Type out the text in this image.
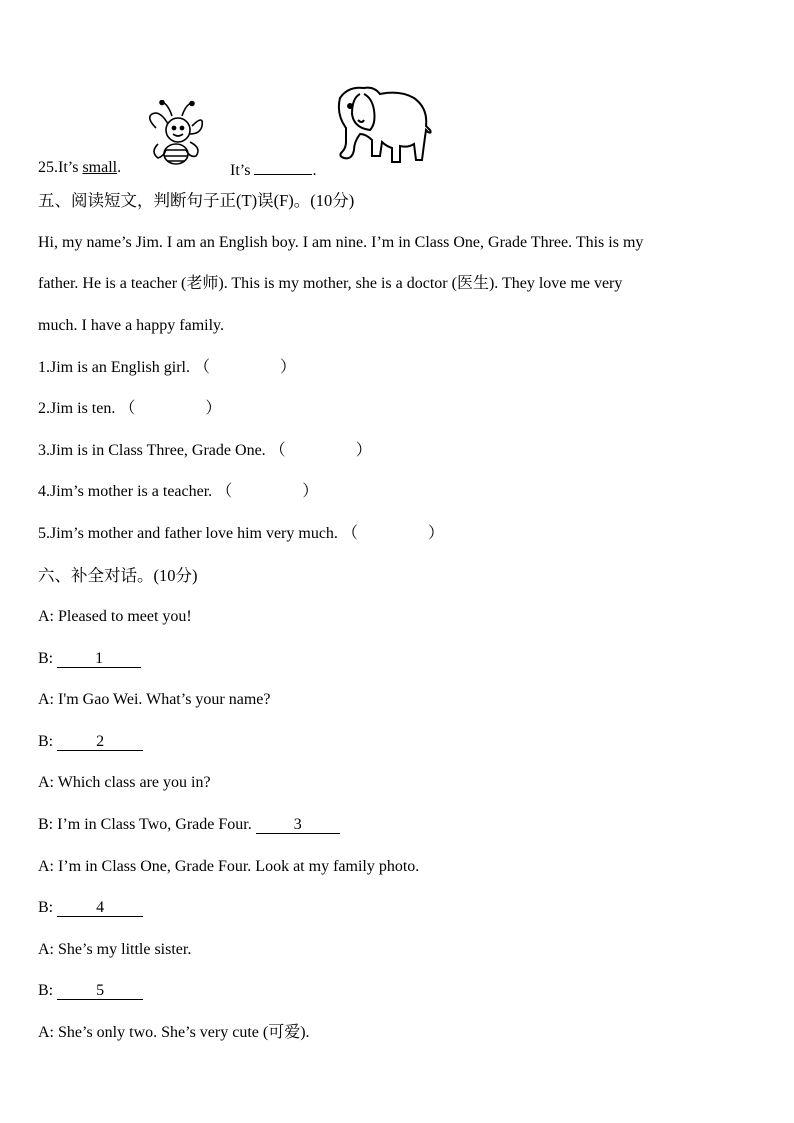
25.It’s small.	It’s	.
五、阅读短文，判断句子正(T)误(F)。(10分)
Hi, my name’s Jim. I am an English boy. I am nine. I’m in Class One, Grade Three. This is my
father. He is a teacher (老师). This is my mother, she is a doctor (医生). They love me very
much. I have a happy family.
1.Jim is an English girl. （	）
2.Jim is ten. （	）
3.Jim is in Class Three, Grade One. （	）
4.Jim’s mother is a teacher. （	）
5.Jim’s mother and father love him very much. （	）
六、补全对话。(10分)
A: Pleased to meet you!
B: 1
A: I'm Gao Wei. What’s your name?
B: 2
A: Which class are you in?
B: I’m in Class Two, Grade Four. 3
A: I’m in Class One, Grade Four. Look at my family photo.
B: 4
A: She’s my little sister.
B: 5
A: She’s only two. She’s very cute (可爱).
